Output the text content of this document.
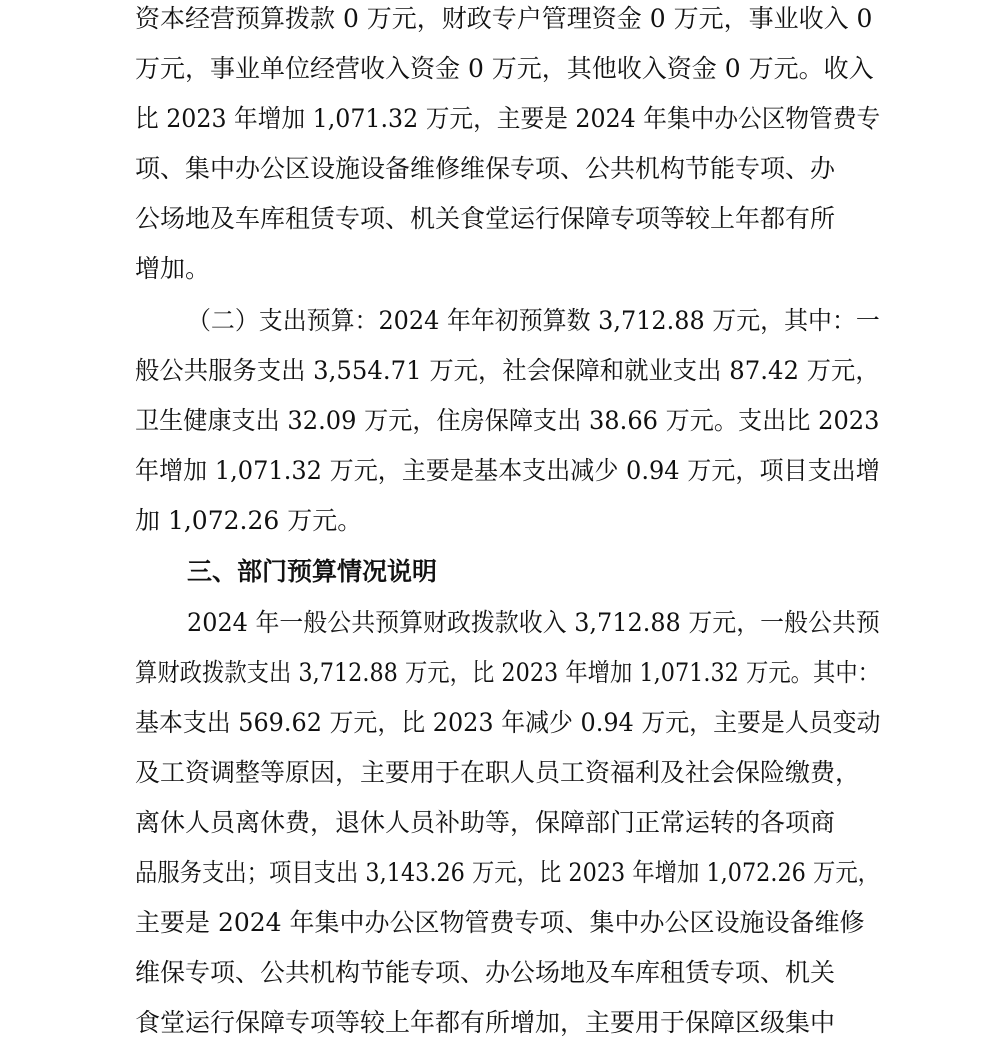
资本经营预算拨款 0 万元，财政专户管理资金 0 万元，事业收入 0
万元，事业单位经营收入资金 0 万元，其他收入资金 0 万元。收入
比 2023 年增加 1,071.32 万元，主要是 2024 年集中办公区物管费专
项、集中办公区设施设备维修维保专项、公共机构节能专项、办
公场地及车库租赁专项、机关食堂运行保障专项等较上年都有所
增加。
（二）支出预算：2024 年年初预算数 3,712.88 万元，其中：一
般公共服务支出 3,554.71 万元，社会保障和就业支出 87.42 万元，
卫生健康支出 32.09 万元，住房保障支出 38.66 万元。支出比 2023
年增加 1,071.32 万元，主要是基本支出减少 0.94 万元，项目支出增
加 1,072.26 万元。
三、部门预算情况说明
2024 年一般公共预算财政拨款收入 3,712.88 万元，一般公共预
算财政拨款支出 3,712.88 万元，比 2023 年增加 1,071.32 万元。其中：
基本支出 569.62 万元，比 2023 年减少 0.94 万元，主要是人员变动
及工资调整等原因，主要用于在职人员工资福利及社会保险缴费，
离休人员离休费，退休人员补助等，保障部门正常运转的各项商
品服务支出；项目支出 3,143.26 万元，比 2023 年增加 1,072.26 万元，
主要是 2024 年集中办公区物管费专项、集中办公区设施设备维修
维保专项、公共机构节能专项、办公场地及车库租赁专项、机关
食堂运行保障专项等较上年都有所增加，主要用于保障区级集中
